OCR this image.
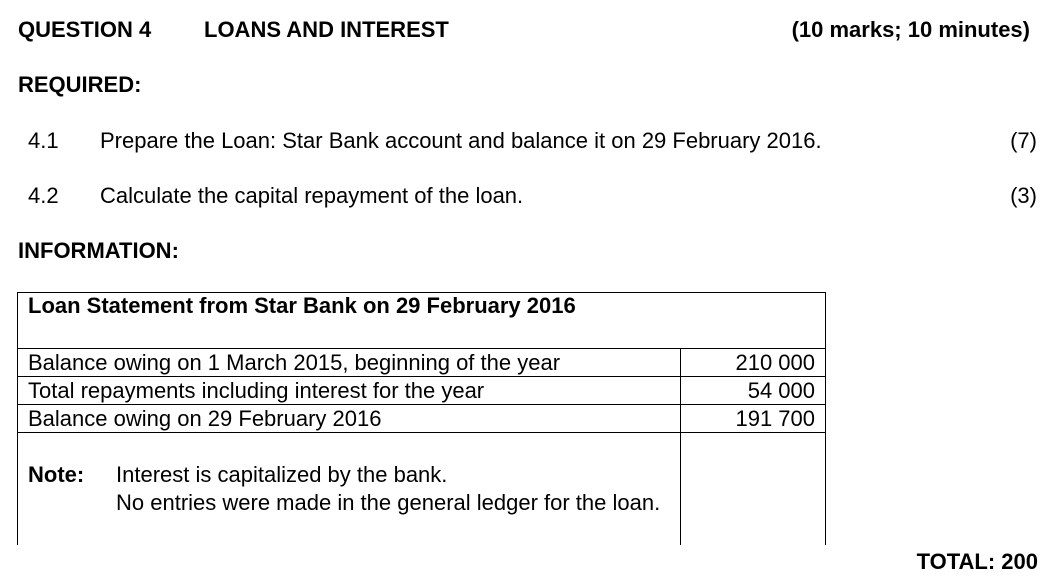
QUESTION 4 LOANS AND INTEREST	(10 marks; 10 minutes)
REQUIRED:
4.1 Prepare the Loan: Star Bank account and balance it on 29 February 2016.	(7)
4.2 Calculate the capital repayment of the loan.	(3)
INFORMATION:
Loan Statement from Star Bank on 29 February 2016	
Balance owing on 1 March 2015, beginning of the year	210 000
Total repayments including interest for the year	54 000
Balance owing on 29 February 2016	191 700

Note: Interest is capitalized by the bank.
No entries were made in the general ledger for the loan.	

TOTAL: 200
